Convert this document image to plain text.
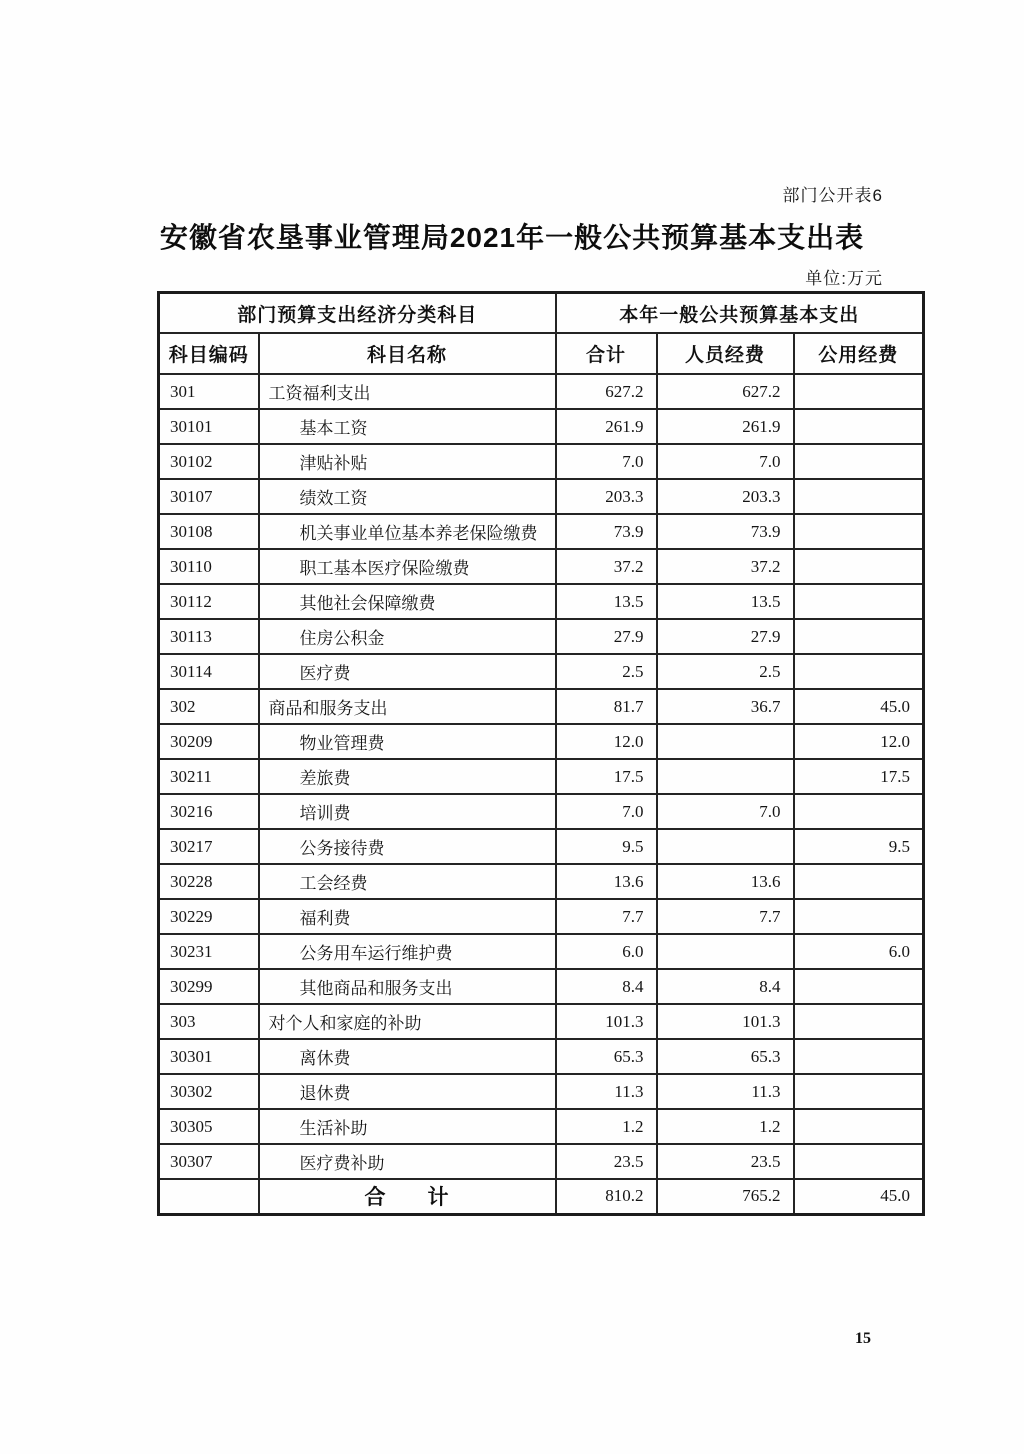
部门公开表6
安徽省农垦事业管理局2021年一般公共预算基本支出表
单位:万元
部门预算支出经济分类科目		本年一般公共预算基本支出		
科目编码	科目名称	合计	人员经费	公用经费
301	工资福利支出	627.2	627.2	
30101	基本工资	261.9	261.9	
30102	津贴补贴	7.0	7.0	
30107	绩效工资	203.3	203.3	
30108	机关事业单位基本养老保险缴费	73.9	73.9	
30110	职工基本医疗保险缴费	37.2	37.2	
30112	其他社会保障缴费	13.5	13.5	
30113	住房公积金	27.9	27.9	
30114	医疗费	2.5	2.5	
302	商品和服务支出	81.7	36.7	45.0
30209	物业管理费	12.0		12.0
30211	差旅费	17.5		17.5
30216	培训费	7.0	7.0	
30217	公务接待费	9.5		9.5
30228	工会经费	13.6	13.6	
30229	福利费	7.7	7.7	
30231	公务用车运行维护费	6.0		6.0
30299	其他商品和服务支出	8.4	8.4	
303	对个人和家庭的补助	101.3	101.3	
30301	离休费	65.3	65.3	
30302	退休费	11.3	11.3	
30305	生活补助	1.2	1.2	
30307	医疗费补助	23.5	23.5	
	合　　计	810.2	765.2	45.0
15
